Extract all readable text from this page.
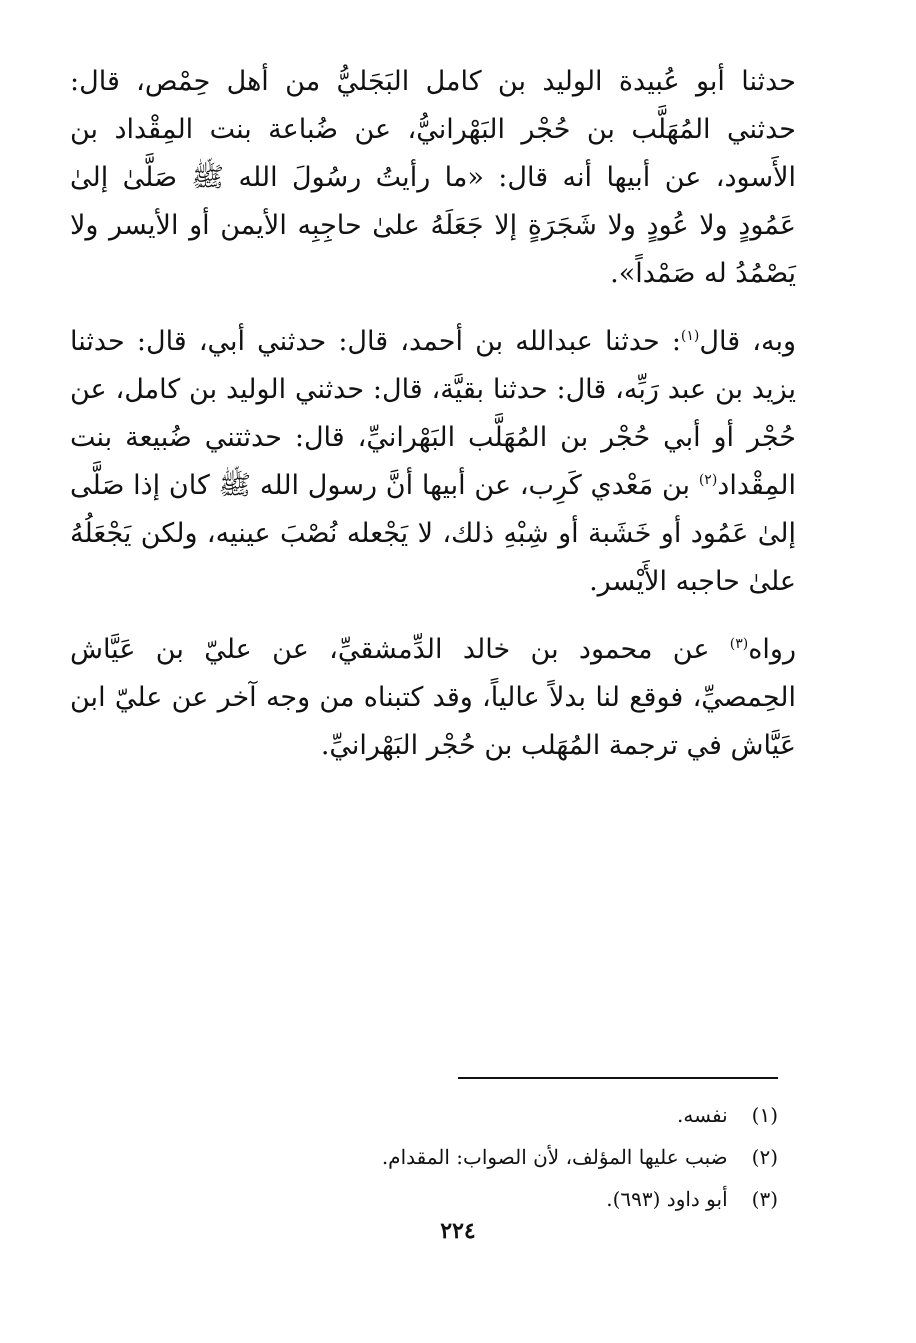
حدثنا أبو عُبيدة الوليد بن كامل البَجَليُّ من أهل حِمْص، قال: حدثني المُهَلَّب بن حُجْر البَهْرانيُّ، عن ضُباعة بنت المِقْداد بن الأَسود، عن أبيها أنه قال: «ما رأيتُ رسُولَ الله ﷺ صَلَّىٰ إلىٰ عَمُودٍ ولا عُودٍ ولا شَجَرَةٍ إلا جَعَلَهُ علىٰ حاجِبِه الأيمن أو الأيسر ولا يَصْمُدُ له صَمْداً».

وبه، قال$^{(١)}$: حدثنا عبدالله بن أحمد، قال: حدثني أبي، قال: حدثنا يزيد بن عبد رَبِّه، قال: حدثنا بقيَّة، قال: حدثني الوليد بن كامل، عن حُجْر أو أبي حُجْر بن المُهَلَّب البَهْرانيِّ، قال: حدثتني ضُبيعة بنت المِقْداد$^{(٢)}$ بن مَعْدي كَرِب، عن أبيها أنَّ رسول الله ﷺ كان إذا صَلَّى إلىٰ عَمُود أو خَشَبة أو شِبْهِ ذلك، لا يَجْعله نُصْبَ عينيه، ولكن يَجْعَلُهُ علىٰ حاجبه الأَيْسر.

رواه$^{(٣)}$ عن محمود بن خالد الدِّمشقيِّ، عن عليّ بن عَيَّاش الحِمصيِّ، فوقع لنا بدلاً عالياً، وقد كتبناه من وجه آخر عن عليّ ابن عَيَّاش في ترجمة المُهَلب بن حُجْر البَهْرانيِّ.

(١) نفسه.
(٢) ضبب عليها المؤلف، لأن الصواب: المقدام.
(٣) أبو داود (٦٩٣).
٢٢٤
